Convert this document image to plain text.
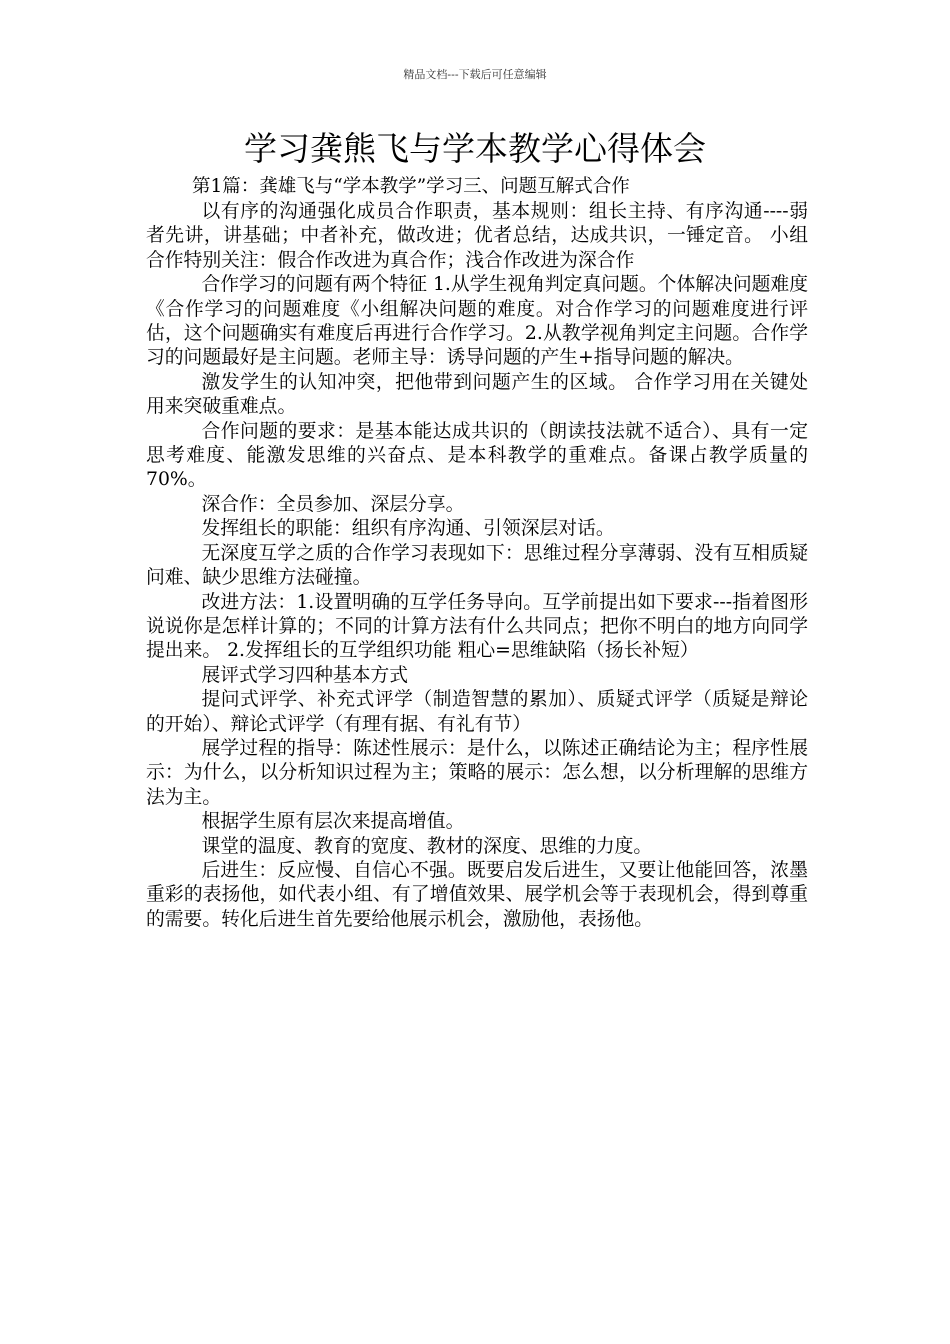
精品文档---下载后可任意编辑
学习龚熊飞与学本教学心得体会

第1篇：龚雄飞与“学本教学”学习三、问题互解式合作

以有序的沟通强化成员合作职责，基本规则：组长主持、有序沟通----弱者先讲，讲基础；中者补充，做改进；优者总结，达成共识，一锤定音。 小组合作特别关注：假合作改进为真合作；浅合作改进为深合作

合作学习的问题有两个特征 1.从学生视角判定真问题。个体解决问题难度《合作学习的问题难度《小组解决问题的难度。对合作学习的问题难度进行评估，这个问题确实有难度后再进行合作学习。2.从教学视角判定主问题。合作学习的问题最好是主问题。老师主导：诱导问题的产生+指导问题的解决。

激发学生的认知冲突，把他带到问题产生的区域。 合作学习用在关键处用来突破重难点。

合作问题的要求：是基本能达成共识的（朗读技法就不适合）、具有一定思考难度、能激发思维的兴奋点、是本科教学的重难点。备课占教学质量的70%。

深合作：全员参加、深层分享。

发挥组长的职能：组织有序沟通、引领深层对话。

无深度互学之质的合作学习表现如下：思维过程分享薄弱、没有互相质疑问难、缺少思维方法碰撞。

改进方法：1.设置明确的互学任务导向。互学前提出如下要求---指着图形说说你是怎样计算的；不同的计算方法有什么共同点；把你不明白的地方向同学提出来。 2.发挥组长的互学组织功能 粗心=思维缺陷（扬长补短）

展评式学习四种基本方式

提问式评学、补充式评学（制造智慧的累加）、质疑式评学（质疑是辩论的开始）、辩论式评学（有理有据、有礼有节）

展学过程的指导：陈述性展示：是什么，以陈述正确结论为主；程序性展示：为什么，以分析知识过程为主；策略的展示：怎么想，以分析理解的思维方法为主。

根据学生原有层次来提高增值。

课堂的温度、教育的宽度、教材的深度、思维的力度。

后进生：反应慢、自信心不强。既要启发后进生，又要让他能回答，浓墨重彩的表扬他，如代表小组、有了增值效果、展学机会等于表现机会，得到尊重的需要。转化后进生首先要给他展示机会，激励他，表扬他。
